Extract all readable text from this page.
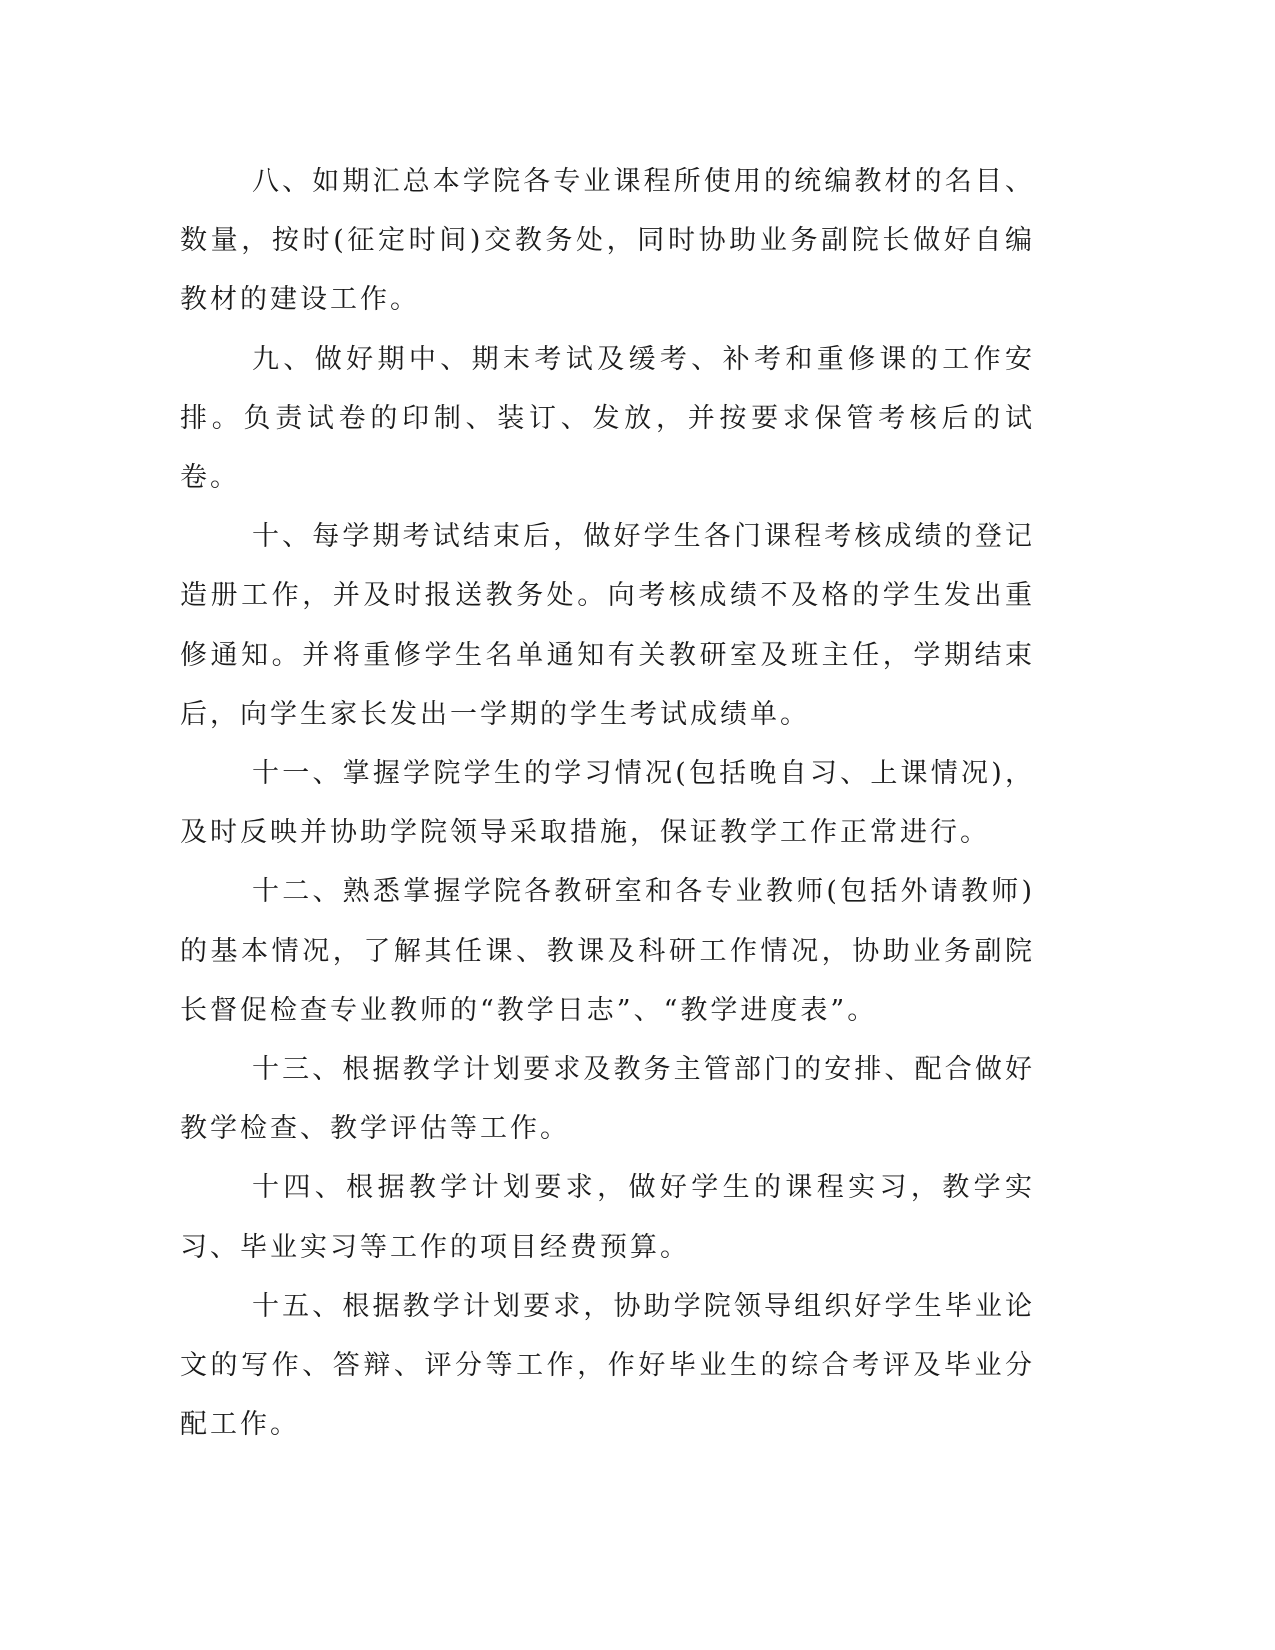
八、如期汇总本学院各专业课程所使用的统编教材的名目、数量，按时(征定时间)交教务处，同时协助业务副院长做好自编教材的建设工作。

九、做好期中、期末考试及缓考、补考和重修课的工作安排。负责试卷的印制、装订、发放，并按要求保管考核后的试卷。

十、每学期考试结束后，做好学生各门课程考核成绩的登记造册工作，并及时报送教务处。向考核成绩不及格的学生发出重修通知。并将重修学生名单通知有关教研室及班主任，学期结束后，向学生家长发出一学期的学生考试成绩单。

十一、掌握学院学生的学习情况(包括晚自习、上课情况)，及时反映并协助学院领导采取措施，保证教学工作正常进行。

十二、熟悉掌握学院各教研室和各专业教师(包括外请教师)的基本情况，了解其任课、教课及科研工作情况，协助业务副院长督促检查专业教师的“教学日志”、“教学进度表”。

十三、根据教学计划要求及教务主管部门的安排、配合做好教学检查、教学评估等工作。

十四、根据教学计划要求，做好学生的课程实习，教学实习、毕业实习等工作的项目经费预算。

十五、根据教学计划要求，协助学院领导组织好学生毕业论文的写作、答辩、评分等工作，作好毕业生的综合考评及毕业分配工作。
